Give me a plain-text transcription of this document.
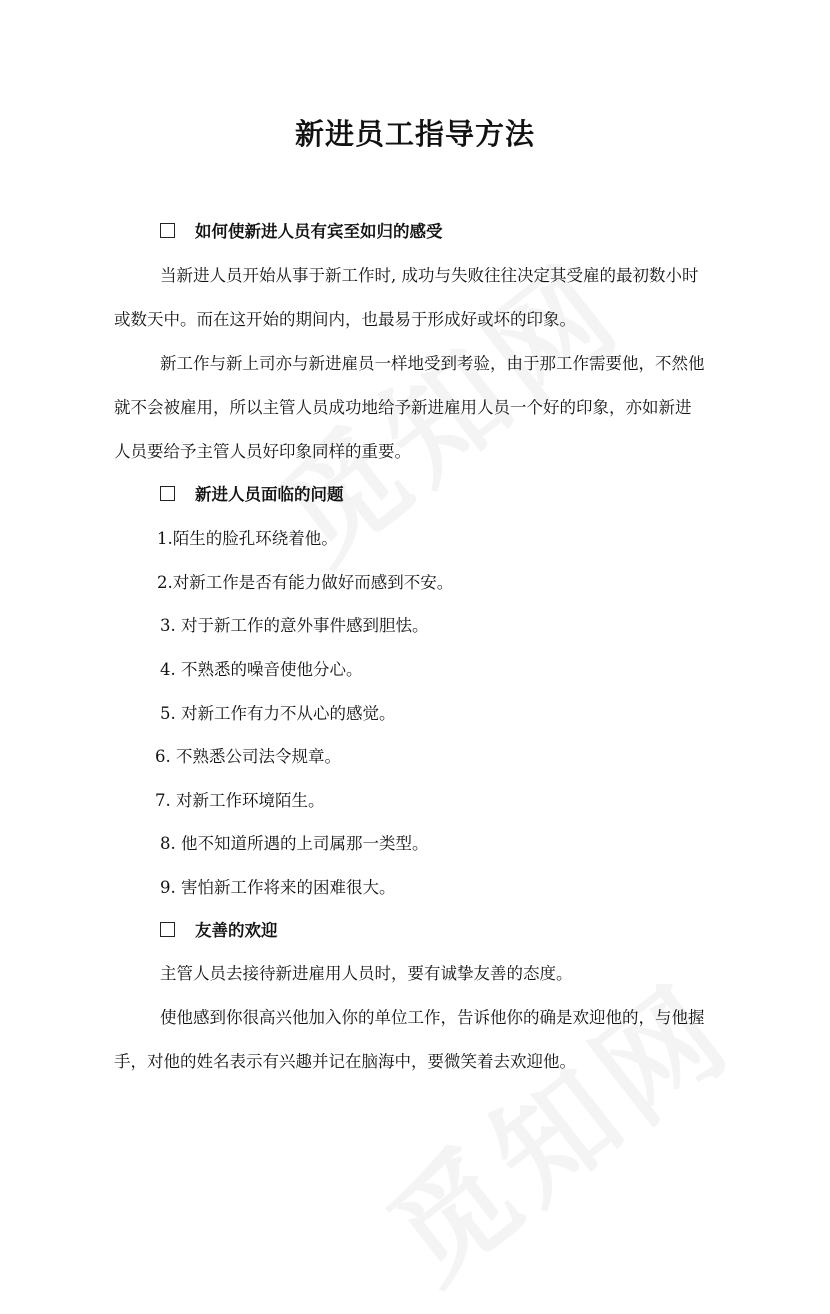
新进员工指导方法
如何使新进人员有宾至如归的感受
当新进人员开始从事于新工作时, 成功与失败往往决定其受雇的最初数小时
或数天中。而在这开始的期间内，也最易于形成好或坏的印象。
新工作与新上司亦与新进雇员一样地受到考验，由于那工作需要他，不然他
就不会被雇用，所以主管人员成功地给予新进雇用人员一个好的印象，亦如新进
人员要给予主管人员好印象同样的重要。
新进人员面临的问题
1.陌生的脸孔环绕着他。
2.对新工作是否有能力做好而感到不安。
3. 对于新工作的意外事件感到胆怯。
4. 不熟悉的噪音使他分心。
5. 对新工作有力不从心的感觉。
6. 不熟悉公司法令规章。
7. 对新工作环境陌生。
8. 他不知道所遇的上司属那一类型。
9. 害怕新工作将来的困难很大。
友善的欢迎
主管人员去接待新进雇用人员时，要有诚挚友善的态度。
使他感到你很高兴他加入你的单位工作，告诉他你的确是欢迎他的，与他握
手，对他的姓名表示有兴趣并记在脑海中，要微笑着去欢迎他。
